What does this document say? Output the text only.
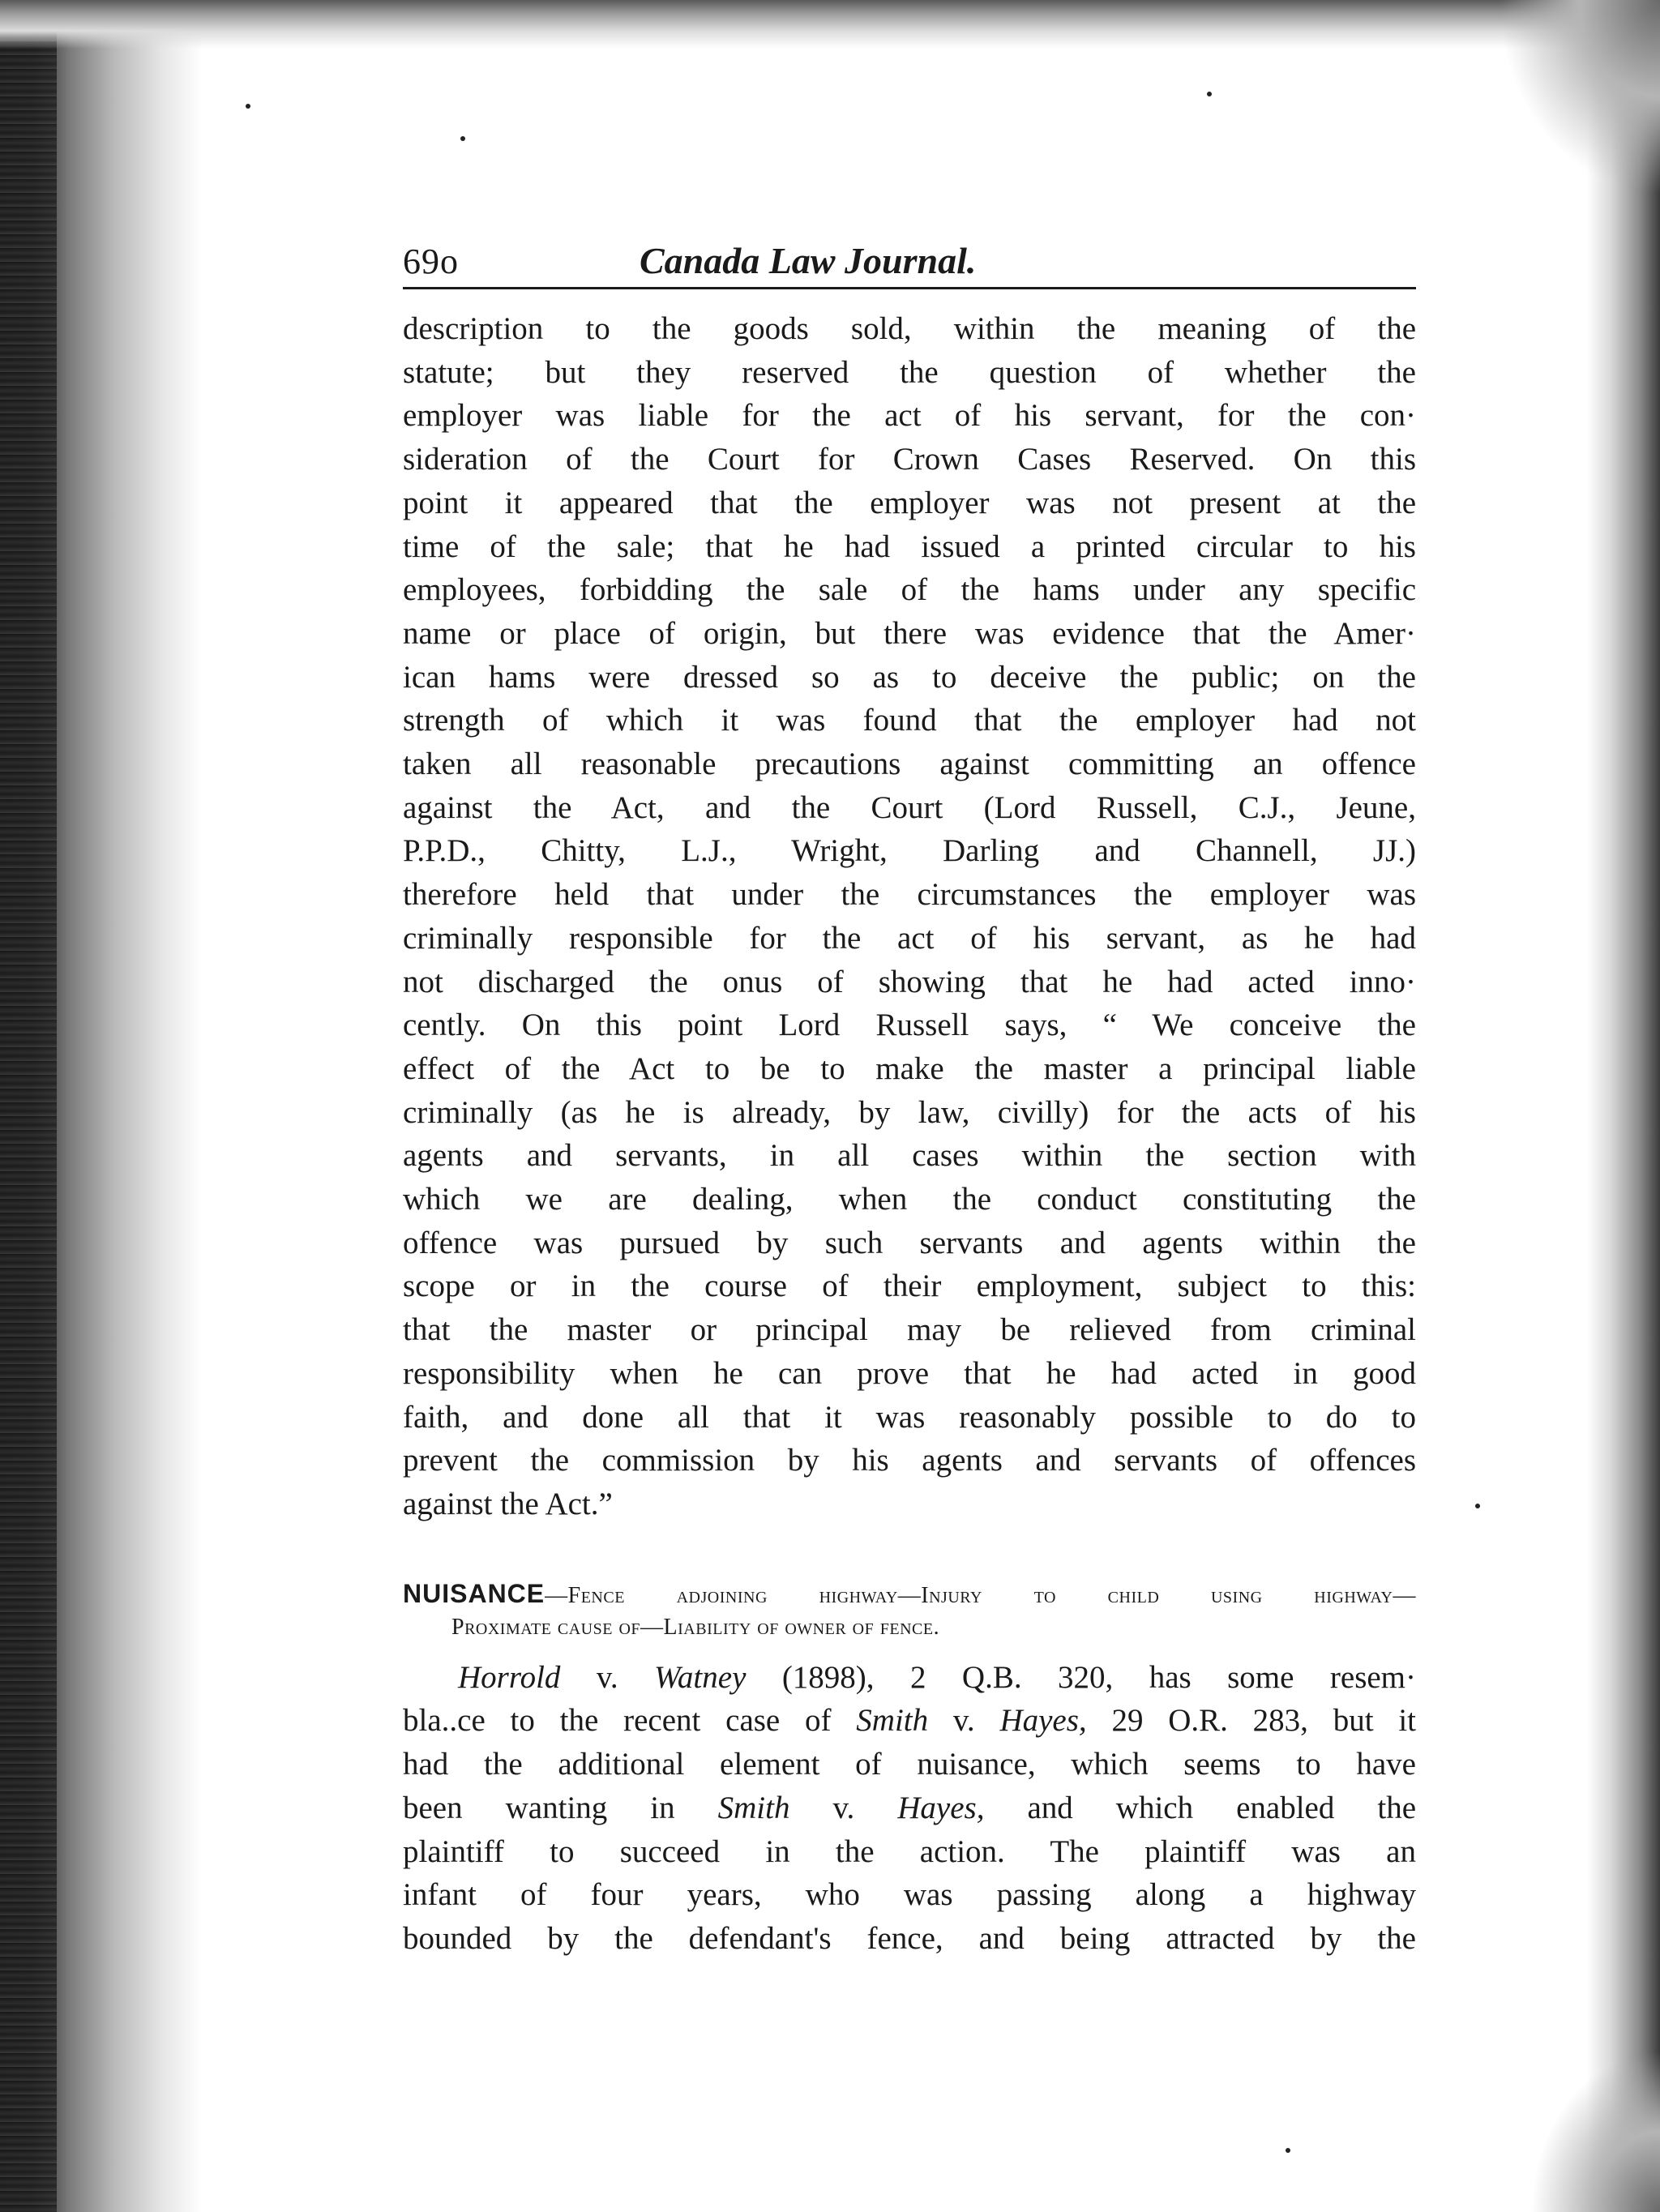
69o	Canada Law Journal.
description to the goods sold, within the meaning of the
statute; but they reserved the question of whether the
employer was liable for the act of his servant, for the con·
sideration of the Court for Crown Cases Reserved. On this
point it appeared that the employer was not present at the
time of the sale; that he had issued a printed circular to his
employees, forbidding the sale of the hams under any specific
name or place of origin, but there was evidence that the Amer·
ican hams were dressed so as to deceive the public; on the
strength of which it was found that the employer had not
taken all reasonable precautions against committing an offence
against the Act, and the Court (Lord Russell, C.J., Jeune,
P.P.D., Chitty, L.J., Wright, Darling and Channell, JJ.)
therefore held that under the circumstances the employer was
criminally responsible for the act of his servant, as he had
not discharged the onus of showing that he had acted inno·
cently. On this point Lord Russell says, “ We conceive the
effect of the Act to be to make the master a principal liable
criminally (as he is already, by law, civilly) for the acts of his
agents and servants, in all cases within the section with
which we are dealing, when the conduct constituting the
offence was pursued by such servants and agents within the
scope or in the course of their employment, subject to this:
that the master or principal may be relieved from criminal
responsibility when he can prove that he had acted in good
faith, and done all that it was reasonably possible to do to
prevent the commission by his agents and servants of offences
against the Act.”
NUISANCE—Fence adjoining highway—Injury to child using highway—
Proximate cause of—Liability of owner of fence.
Horrold v. Watney (1898), 2 Q.B. 320, has some resem·
bla..ce to the recent case of Smith v. Hayes, 29 O.R. 283, but it
had the additional element of nuisance, which seems to have
been wanting in Smith v. Hayes, and which enabled the
plaintiff to succeed in the action. The plaintiff was an
infant of four years, who was passing along a highway
bounded by the defendant's fence, and being attracted by the
